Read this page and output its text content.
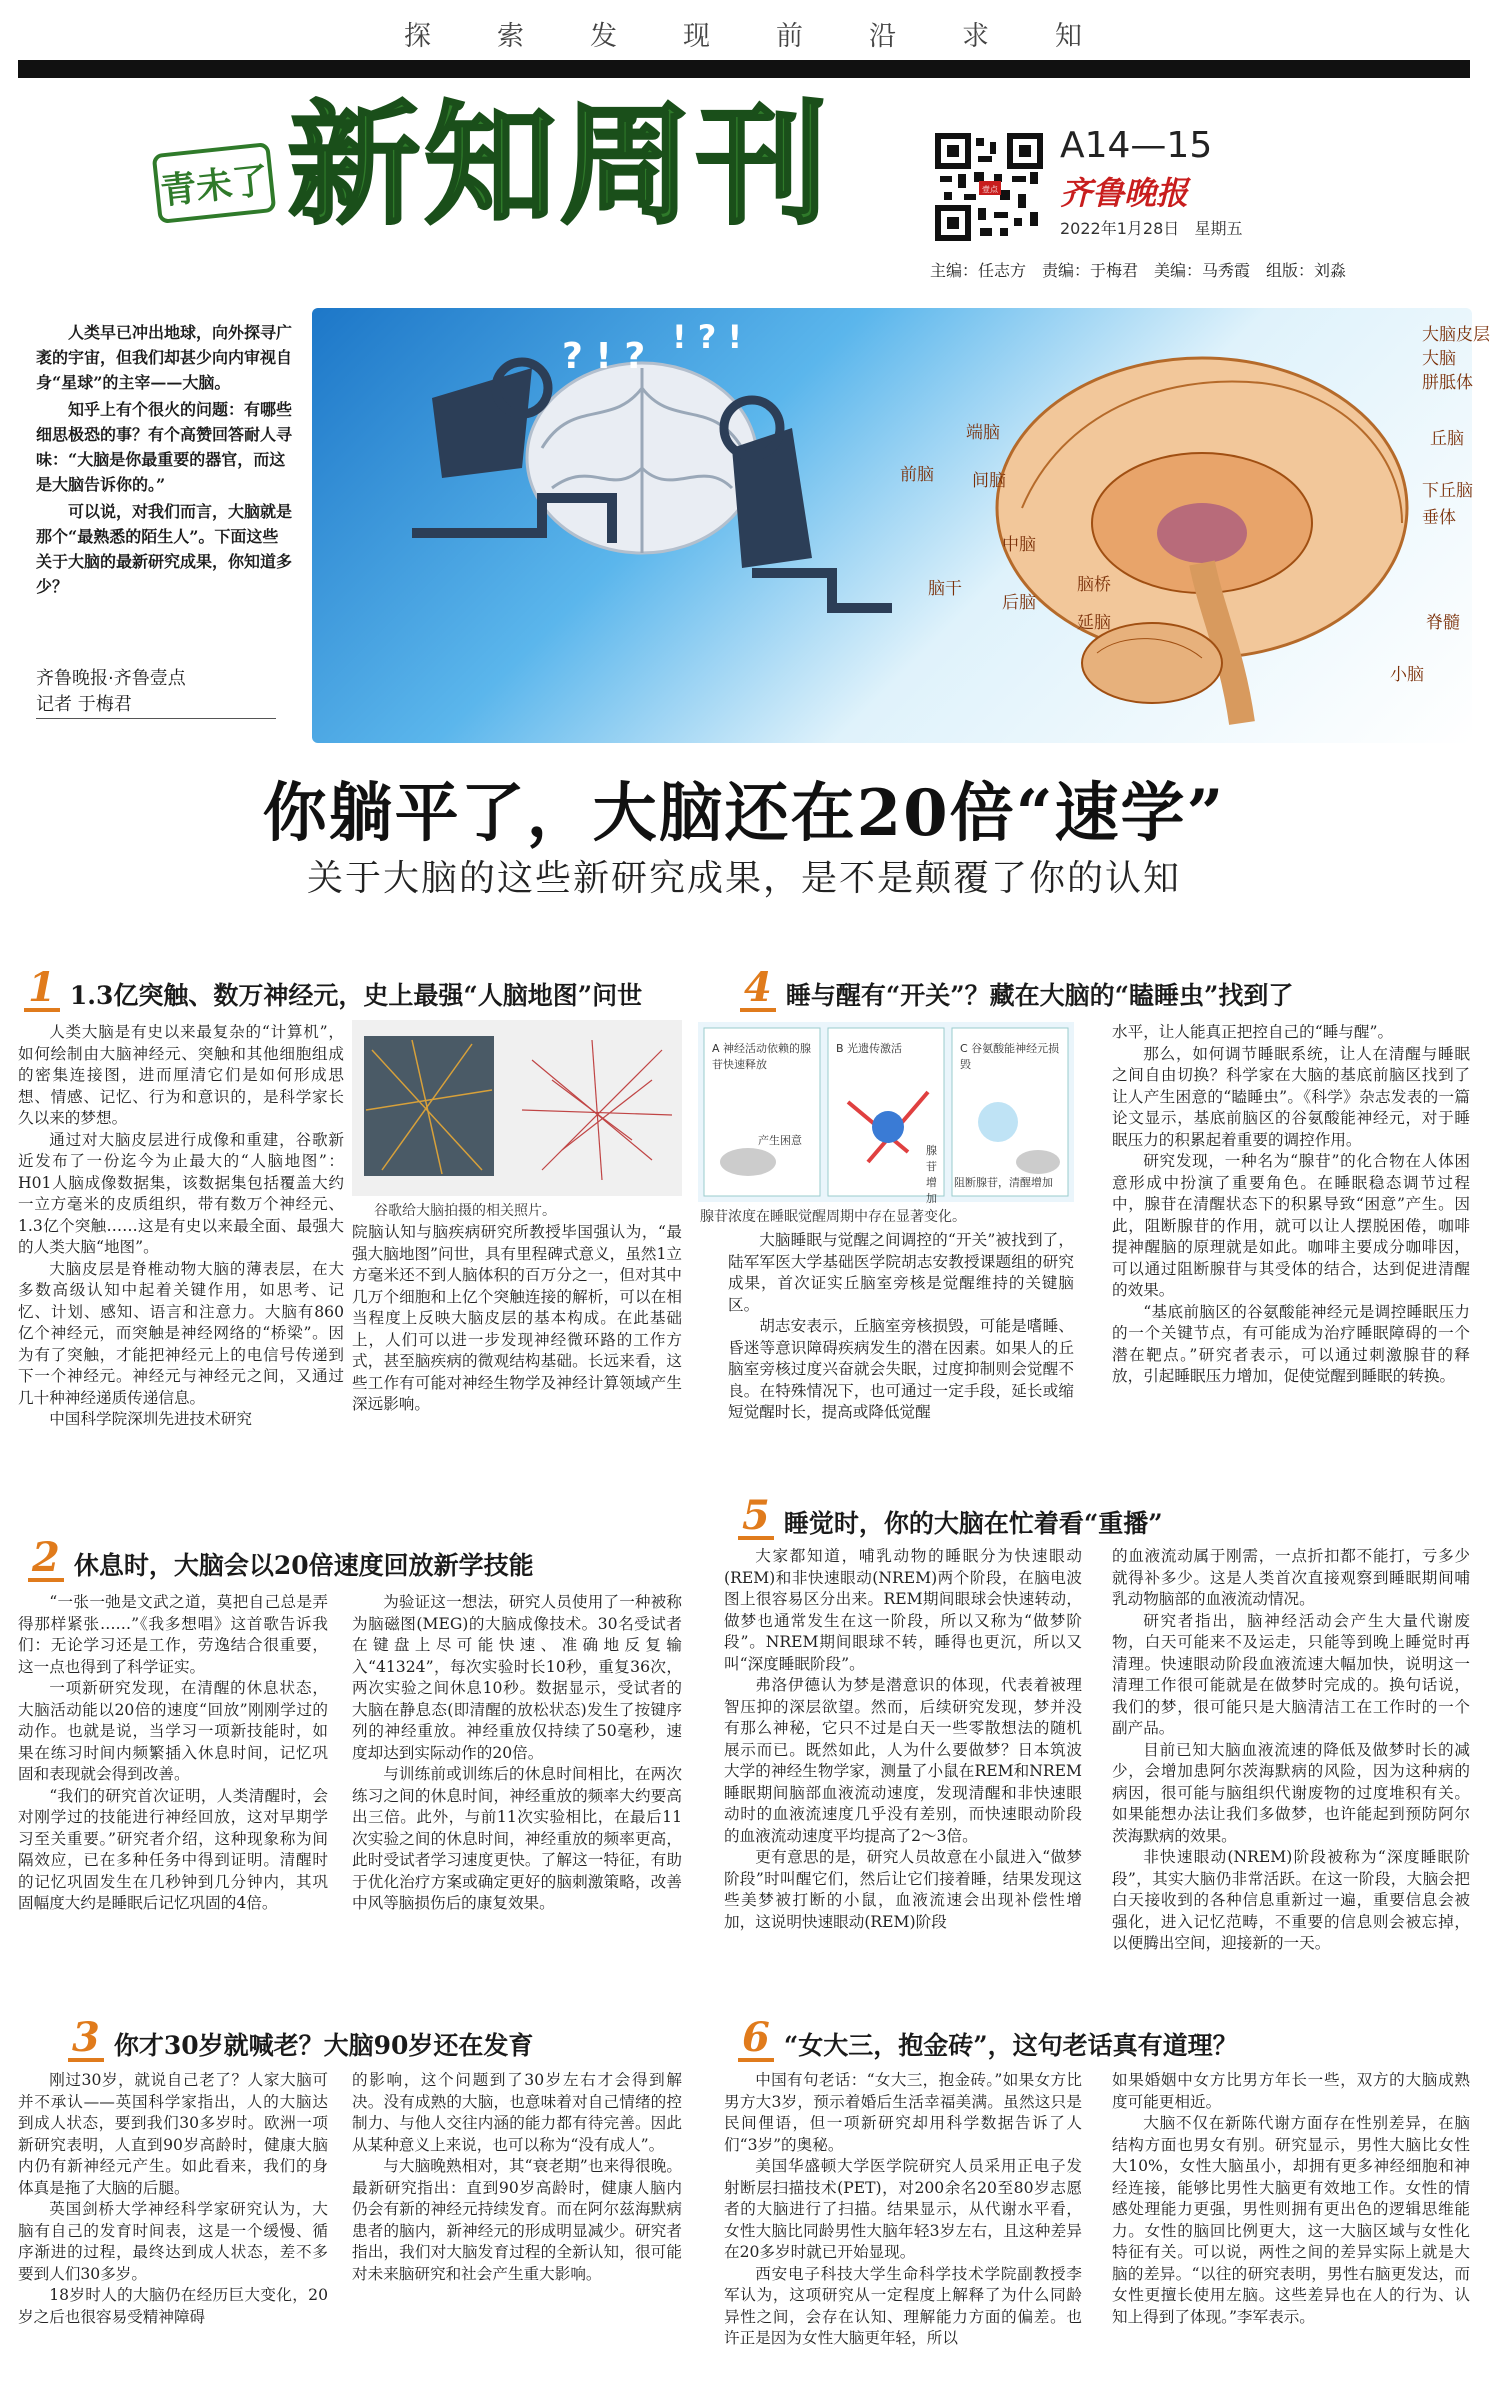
探 索 发 现 前 沿 求 知
青未了 新知周刊	壹点
A14—15
齐鲁晚报
2022年1月28日 星期五
主编：任志方 责编：于梅君 美编：马秀霞 组版：刘淼

人类早已冲出地球，向外探寻广袤的宇宙，但我们却甚少向内审视自身“星球”的主宰——大脑。

知乎上有个很火的问题：有哪些细思极恐的事？有个高赞回答耐人寻味：“大脑是你最重要的器官，而这是大脑告诉你的。”

可以说，对我们而言，大脑就是那个“最熟悉的陌生人”。下面这些关于大脑的最新研究成果，你知道多少？

齐鲁晚报·齐鲁壹点
记者 于梅君
? ! ? ! ? !	大脑皮层
大脑
胼胝体
丘脑
下丘脑
垂体
脊髓
小脑
前脑
端脑
间脑
脑干
中脑
后脑
脑桥
延脑
你躺平了，大脑还在20倍“速学”
关于大脑的这些新研究成果，是不是颠覆了你的认知
1 1.3亿突触、数万神经元，史上最强“人脑地图”问世

人类大脑是有史以来最复杂的“计算机”，如何绘制由大脑神经元、突触和其他细胞组成的密集连接图，进而厘清它们是如何形成思想、情感、记忆、行为和意识的，是科学家长久以来的梦想。

通过对大脑皮层进行成像和重建，谷歌新近发布了一份迄今为止最大的“人脑地图”：H01人脑成像数据集，该数据集包括覆盖大约一立方毫米的皮质组织，带有数万个神经元、1.3亿个突触……这是有史以来最全面、最强大的人类大脑“地图”。

大脑皮层是脊椎动物大脑的薄表层，在大多数高级认知中起着关键作用，如思考、记忆、计划、感知、语言和注意力。大脑有860亿个神经元，而突触是神经网络的“桥梁”。因为有了突触，才能把神经元上的电信号传递到下一个神经元。神经元与神经元之间，又通过几十种神经递质传递信息。

中国科学院深圳先进技术研究

谷歌给大脑拍摄的相关照片。

院脑认知与脑疾病研究所教授毕国强认为，“最强大脑地图”问世，具有里程碑式意义，虽然1立方毫米还不到人脑体积的百万分之一，但对其中几万个细胞和上亿个突触连接的解析，可以在相当程度上反映大脑皮层的基本构成。在此基础上，人们可以进一步发现神经微环路的工作方式，甚至脑疾病的微观结构基础。长远来看，这些工作有可能对神经生物学及神经计算领域产生深远影响。

4 睡与醒有“开关”？藏在大脑的“瞌睡虫”找到了
A 神经活动依赖的腺苷快速释放
B 光遗传激活	C 谷氨酸能神经元损毁
产生困意
阻断腺苷，清醒增加
腺苷增加
腺苷浓度在睡眠觉醒周期中存在显著变化。

大脑睡眠与觉醒之间调控的“开关”被找到了，陆军军医大学基础医学院胡志安教授课题组的研究成果，首次证实丘脑室旁核是觉醒维持的关键脑区。

胡志安表示，丘脑室旁核损毁，可能是嗜睡、昏迷等意识障碍疾病发生的潜在因素。如果人的丘脑室旁核过度兴奋就会失眠，过度抑制则会觉醒不良。在特殊情况下，也可通过一定手段，延长或缩短觉醒时长，提高或降低觉醒

水平，让人能真正把控自己的“睡与醒”。

那么，如何调节睡眠系统，让人在清醒与睡眠之间自由切换？科学家在大脑的基底前脑区找到了让人产生困意的“瞌睡虫”。《科学》杂志发表的一篇论文显示，基底前脑区的谷氨酸能神经元，对于睡眠压力的积累起着重要的调控作用。

研究发现，一种名为“腺苷”的化合物在人体困意形成中扮演了重要角色。在睡眠稳态调节过程中，腺苷在清醒状态下的积累导致“困意”产生。因此，阻断腺苷的作用，就可以让人摆脱困倦，咖啡提神醒脑的原理就是如此。咖啡主要成分咖啡因，可以通过阻断腺苷与其受体的结合，达到促进清醒的效果。

“基底前脑区的谷氨酸能神经元是调控睡眠压力的一个关键节点，有可能成为治疗睡眠障碍的一个潜在靶点。”研究者表示，可以通过刺激腺苷的释放，引起睡眠压力增加，促使觉醒到睡眠的转换。

2 休息时，大脑会以20倍速度回放新学技能

“一张一弛是文武之道，莫把自己总是弄得那样紧张……”《我多想唱》这首歌告诉我们：无论学习还是工作，劳逸结合很重要，这一点也得到了科学证实。

一项新研究发现，在清醒的休息状态，大脑活动能以20倍的速度“回放”刚刚学过的动作。也就是说，当学习一项新技能时，如果在练习时间内频繁插入休息时间，记忆巩固和表现就会得到改善。

“我们的研究首次证明，人类清醒时，会对刚学过的技能进行神经回放，这对早期学习至关重要。”研究者介绍，这种现象称为间隔效应，已在多种任务中得到证明。清醒时的记忆巩固发生在几秒钟到几分钟内，其巩固幅度大约是睡眠后记忆巩固的4倍。

为验证这一想法，研究人员使用了一种被称为脑磁图(MEG)的大脑成像技术。30名受试者在键盘上尽可能快速、准确地反复输入“41324”，每次实验时长10秒，重复36次，两次实验之间休息10秒。数据显示，受试者的大脑在静息态(即清醒的放松状态)发生了按键序列的神经重放。神经重放仅持续了50毫秒，速度却达到实际动作的20倍。

与训练前或训练后的休息时间相比，在两次练习之间的休息时间，神经重放的频率大约要高出三倍。此外，与前11次实验相比，在最后11次实验之间的休息时间，神经重放的频率更高，此时受试者学习速度更快。了解这一特征，有助于优化治疗方案或确定更好的脑刺激策略，改善中风等脑损伤后的康复效果。

5 睡觉时，你的大脑在忙着看“重播”

大家都知道，哺乳动物的睡眠分为快速眼动(REM)和非快速眼动(NREM)两个阶段，在脑电波图上很容易区分出来。REM期间眼球会快速转动，做梦也通常发生在这一阶段，所以又称为“做梦阶段”。NREM期间眼球不转，睡得也更沉，所以又叫“深度睡眠阶段”。

弗洛伊德认为梦是潜意识的体现，代表着被理智压抑的深层欲望。然而，后续研究发现，梦并没有那么神秘，它只不过是白天一些零散想法的随机展示而已。既然如此，人为什么要做梦？日本筑波大学的神经生物学家，测量了小鼠在REM和NREM睡眠期间脑部血液流动速度，发现清醒和非快速眼动时的血液流速度几乎没有差别，而快速眼动阶段的血液流动速度平均提高了2～3倍。

更有意思的是，研究人员故意在小鼠进入“做梦阶段”时叫醒它们，然后让它们接着睡，结果发现这些美梦被打断的小鼠，血液流速会出现补偿性增加，这说明快速眼动(REM)阶段

的血液流动属于刚需，一点折扣都不能打，亏多少就得补多少。这是人类首次直接观察到睡眠期间哺乳动物脑部的血液流动情况。

研究者指出，脑神经活动会产生大量代谢废物，白天可能来不及运走，只能等到晚上睡觉时再清理。快速眼动阶段血液流速大幅加快，说明这一清理工作很可能就是在做梦时完成的。换句话说，我们的梦，很可能只是大脑清洁工在工作时的一个副产品。

目前已知大脑血液流速的降低及做梦时长的减少，会增加患阿尔茨海默病的风险，因为这种病的病因，很可能与脑组织代谢废物的过度堆积有关。如果能想办法让我们多做梦，也许能起到预防阿尔茨海默病的效果。

非快速眼动(NREM)阶段被称为“深度睡眠阶段”，其实大脑仍非常活跃。在这一阶段，大脑会把白天接收到的各种信息重新过一遍，重要信息会被强化，进入记忆范畴，不重要的信息则会被忘掉，以便腾出空间，迎接新的一天。

3 你才30岁就喊老？大脑90岁还在发育

刚过30岁，就说自己老了？人家大脑可并不承认——英国科学家指出，人的大脑达到成人状态，要到我们30多岁时。欧洲一项新研究表明，人直到90岁高龄时，健康大脑内仍有新神经元产生。如此看来，我们的身体真是拖了大脑的后腿。

英国剑桥大学神经科学家研究认为，大脑有自己的发育时间表，这是一个缓慢、循序渐进的过程，最终达到成人状态，差不多要到人们30多岁。

18岁时人的大脑仍在经历巨大变化，20岁之后也很容易受精神障碍

的影响，这个问题到了30岁左右才会得到解决。没有成熟的大脑，也意味着对自己情绪的控制力、与他人交往内涵的能力都有待完善。因此从某种意义上来说，也可以称为“没有成人”。

与大脑晚熟相对，其“衰老期”也来得很晚。最新研究指出：直到90岁高龄时，健康人脑内仍会有新的神经元持续发育。而在阿尔兹海默病患者的脑内，新神经元的形成明显减少。研究者指出，我们对大脑发育过程的全新认知，很可能对未来脑研究和社会产生重大影响。

6 “女大三，抱金砖”，这句老话真有道理？

中国有句老话：“女大三，抱金砖。”如果女方比男方大3岁，预示着婚后生活幸福美满。虽然这只是民间俚语，但一项新研究却用科学数据告诉了人们“3岁”的奥秘。

美国华盛顿大学医学院研究人员采用正电子发射断层扫描技术(PET)，对200余名20至80岁志愿者的大脑进行了扫描。结果显示，从代谢水平看，女性大脑比同龄男性大脑年轻3岁左右，且这种差异在20多岁时就已开始显现。

西安电子科技大学生命科学技术学院副教授李军认为，这项研究从一定程度上解释了为什么同龄异性之间，会存在认知、理解能力方面的偏差。也许正是因为女性大脑更年轻，所以

如果婚姻中女方比男方年长一些，双方的大脑成熟度可能更相近。

大脑不仅在新陈代谢方面存在性别差异，在脑结构方面也男女有别。研究显示，男性大脑比女性大10%，女性大脑虽小，却拥有更多神经细胞和神经连接，能够比男性大脑更有效地工作。女性的情感处理能力更强，男性则拥有更出色的逻辑思维能力。女性的脑回比例更大，这一大脑区域与女性化特征有关。可以说，两性之间的差异实际上就是大脑的差异。“以往的研究表明，男性右脑更发达，而女性更擅长使用左脑。这些差异也在人的行为、认知上得到了体现。”李军表示。
